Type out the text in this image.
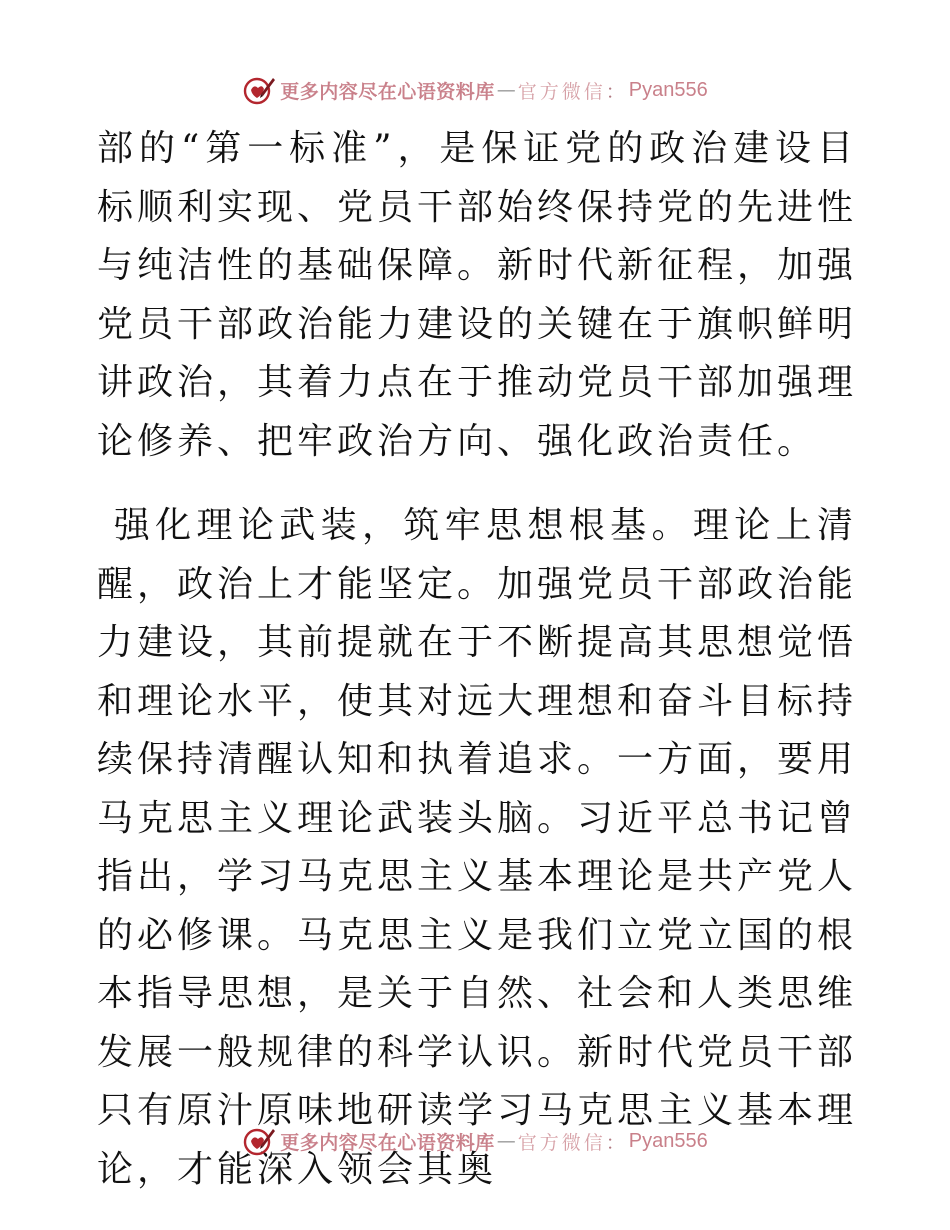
更多内容尽在心语资料库 — 官方微信 ： Pyan556

部的“第一标准”，是保证党的政治建设目标顺利实现、党员干部始终保持党的先进性与纯洁性的基础保障。新时代新征程，加强党员干部政治能力建设的关键在于旗帜鲜明讲政治，其着力点在于推动党员干部加强理论修养、把牢政治方向、强化政治责任。

强化理论武装，筑牢思想根基。理论上清醒，政治上才能坚定。加强党员干部政治能力建设，其前提就在于不断提高其思想觉悟和理论水平，使其对远大理想和奋斗目标持续保持清醒认知和执着追求。一方面，要用马克思主义理论武装头脑。习近平总书记曾指出，学习马克思主义基本理论是共产党人的必修课。马克思主义是我们立党立国的根本指导思想，是关于自然、社会和人类思维发展一般规律的科学认识。新时代党员干部只有原汁原味地研读学习马克思主义基本理论，才能深入领会其奥

更多内容尽在心语资料库 — 官方微信 ： Pyan556
